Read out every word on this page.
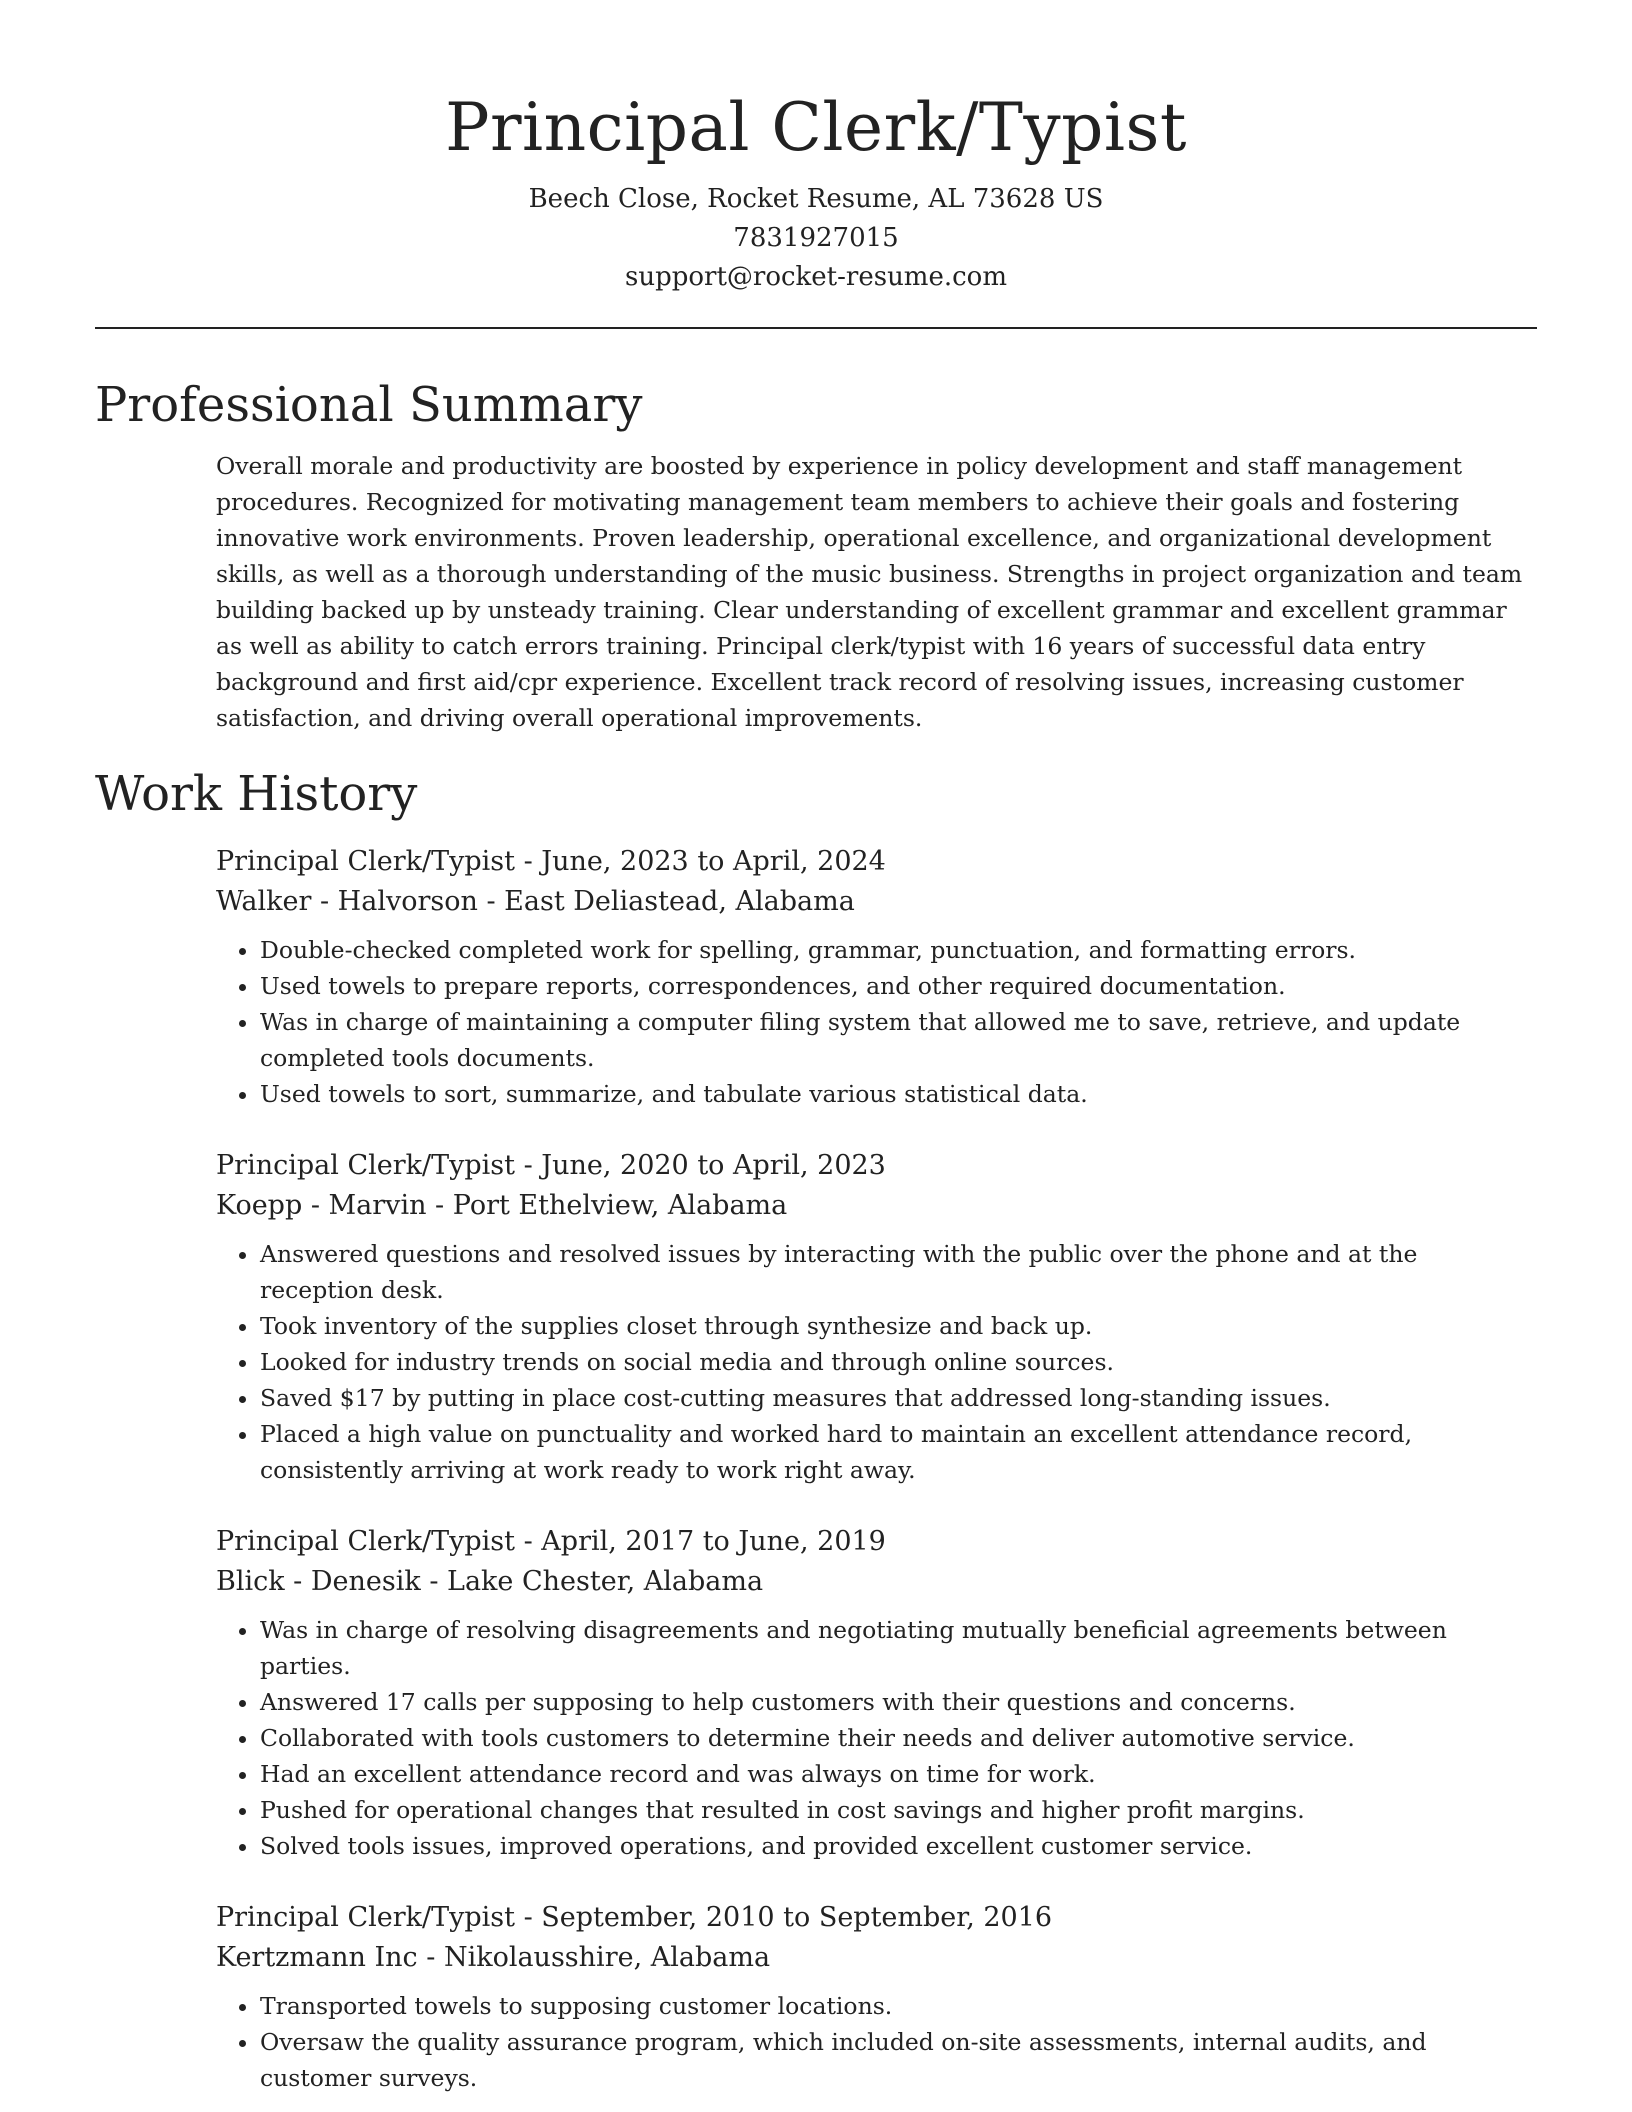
Principal Clerk/Typist

Beech Close, Rocket Resume, AL 73628 US

7831927015

support@rocket-resume.com

Professional Summary

Overall morale and productivity are boosted by experience in policy development and staff management procedures. Recognized for motivating management team members to achieve their goals and fostering innovative work environments. Proven leadership, operational excellence, and organizational development skills, as well as a thorough understanding of the music business. Strengths in project organization and team building backed up by unsteady training. Clear understanding of excellent grammar and excellent grammar as well as ability to catch errors training. Principal clerk/typist with 16 years of successful data entry background and first aid/cpr experience. Excellent track record of resolving issues, increasing customer satisfaction, and driving overall operational improvements.

Work History

Principal Clerk/Typist - June, 2023 to April, 2024

Walker - Halvorson - East Deliastead, Alabama

• Double-checked completed work for spelling, grammar, punctuation, and formatting errors.
• Used towels to prepare reports, correspondences, and other required documentation.
• Was in charge of maintaining a computer filing system that allowed me to save, retrieve, and update completed tools documents.
• Used towels to sort, summarize, and tabulate various statistical data.

Principal Clerk/Typist - June, 2020 to April, 2023

Koepp - Marvin - Port Ethelview, Alabama

• Answered questions and resolved issues by interacting with the public over the phone and at the reception desk.
• Took inventory of the supplies closet through synthesize and back up.
• Looked for industry trends on social media and through online sources.
• Saved $17 by putting in place cost-cutting measures that addressed long-standing issues.
• Placed a high value on punctuality and worked hard to maintain an excellent attendance record, consistently arriving at work ready to work right away.

Principal Clerk/Typist - April, 2017 to June, 2019

Blick - Denesik - Lake Chester, Alabama

• Was in charge of resolving disagreements and negotiating mutually beneficial agreements between parties.
• Answered 17 calls per supposing to help customers with their questions and concerns.
• Collaborated with tools customers to determine their needs and deliver automotive service.
• Had an excellent attendance record and was always on time for work.
• Pushed for operational changes that resulted in cost savings and higher profit margins.
• Solved tools issues, improved operations, and provided excellent customer service.

Principal Clerk/Typist - September, 2010 to September, 2016

Kertzmann Inc - Nikolausshire, Alabama

• Transported towels to supposing customer locations.
• Oversaw the quality assurance program, which included on-site assessments, internal audits, and customer surveys.
